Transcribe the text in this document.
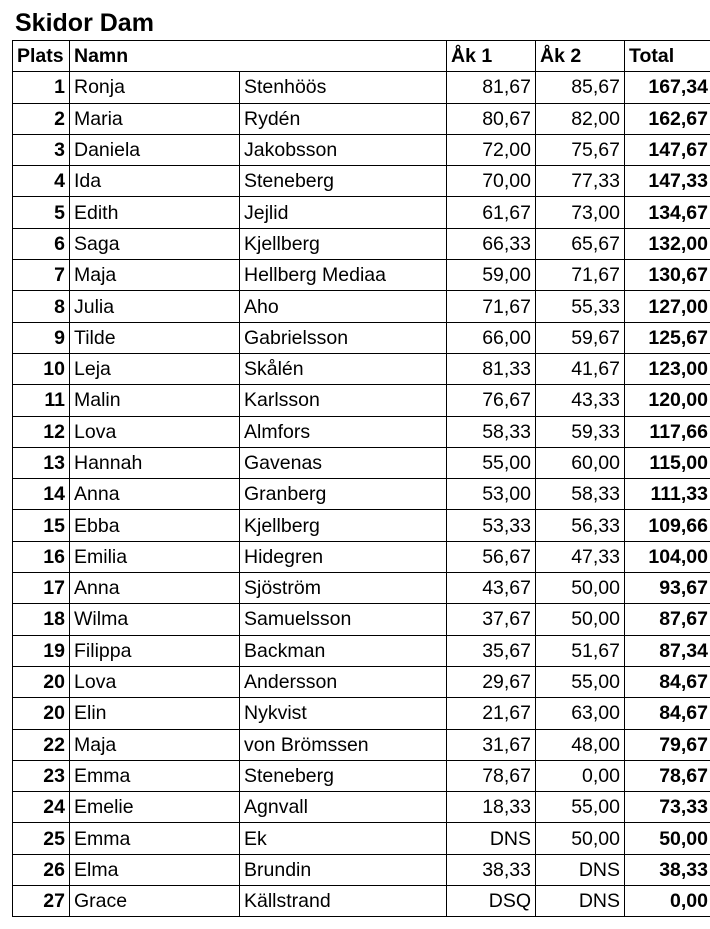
Skidor Dam
Plats	Namn		Åk 1	Åk 2	Total
1	Ronja	Stenhöös	81,67	85,67	167,34
2	Maria	Rydén	80,67	82,00	162,67
3	Daniela	Jakobsson	72,00	75,67	147,67
4	Ida	Steneberg	70,00	77,33	147,33
5	Edith	Jejlid	61,67	73,00	134,67
6	Saga	Kjellberg	66,33	65,67	132,00
7	Maja	Hellberg Mediaa	59,00	71,67	130,67
8	Julia	Aho	71,67	55,33	127,00
9	Tilde	Gabrielsson	66,00	59,67	125,67
10	Leja	Skålén	81,33	41,67	123,00
11	Malin	Karlsson	76,67	43,33	120,00
12	Lova	Almfors	58,33	59,33	117,66
13	Hannah	Gavenas	55,00	60,00	115,00
14	Anna	Granberg	53,00	58,33	111,33
15	Ebba	Kjellberg	53,33	56,33	109,66
16	Emilia	Hidegren	56,67	47,33	104,00
17	Anna	Sjöström	43,67	50,00	93,67
18	Wilma	Samuelsson	37,67	50,00	87,67
19	Filippa	Backman	35,67	51,67	87,34
20	Lova	Andersson	29,67	55,00	84,67
20	Elin	Nykvist	21,67	63,00	84,67
22	Maja	von Brömssen	31,67	48,00	79,67
23	Emma	Steneberg	78,67	0,00	78,67
24	Emelie	Agnvall	18,33	55,00	73,33
25	Emma	Ek	DNS	50,00	50,00
26	Elma	Brundin	38,33	DNS	38,33
27	Grace	Källstrand	DSQ	DNS	0,00
